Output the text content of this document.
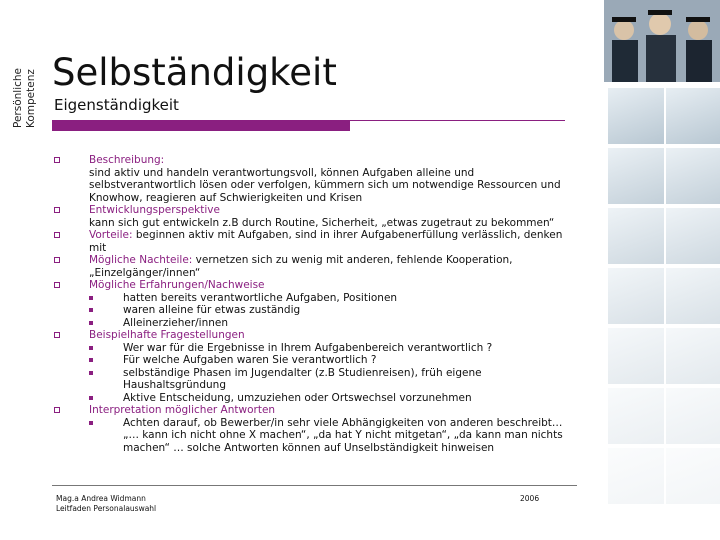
Persönliche Kompetenz Selbständigkeit
Eigenständigkeit
Beschreibung:
sind aktiv und handeln verantwortungsvoll, können Aufgaben alleine und
selbstverantwortlich lösen oder verfolgen, kümmern sich um notwendige Ressourcen und
Knowhow, reagieren auf Schwierigkeiten und Krisen
Entwicklungsperspektive
kann sich gut entwickeln z.B durch Routine, Sicherheit, „etwas zugetraut zu bekommen“
Vorteile: beginnen aktiv mit Aufgaben, sind in ihrer Aufgabenerfüllung verlässlich, denken
mit
Mögliche Nachteile: vernetzen sich zu wenig mit anderen, fehlende Kooperation,
„Einzelgänger/innen“
Mögliche Erfahrungen/Nachweise
hatten bereits verantwortliche Aufgaben, Positionen
waren alleine für etwas zuständig
Alleinerzieher/innen
Beispielhafte Fragestellungen
Wer war für die Ergebnisse in Ihrem Aufgabenbereich verantwortlich ?
Für welche Aufgaben waren Sie verantwortlich ?
selbständige Phasen im Jugendalter (z.B Studienreisen), früh eigene
Haushaltsgründung
Aktive Entscheidung, umzuziehen oder Ortswechsel vorzunehmen
Interpretation möglicher Antworten
Achten darauf, ob Bewerber/in sehr viele Abhängigkeiten von anderen beschreibt…
„… kann ich nicht ohne X machen“, „da hat Y nicht mitgetan“, „da kann man nichts
machen“ … solche Antworten können auf Unselbständigkeit hinweisen
Mag.a Andrea Widmann
Leitfaden Personalauswahl
2006
